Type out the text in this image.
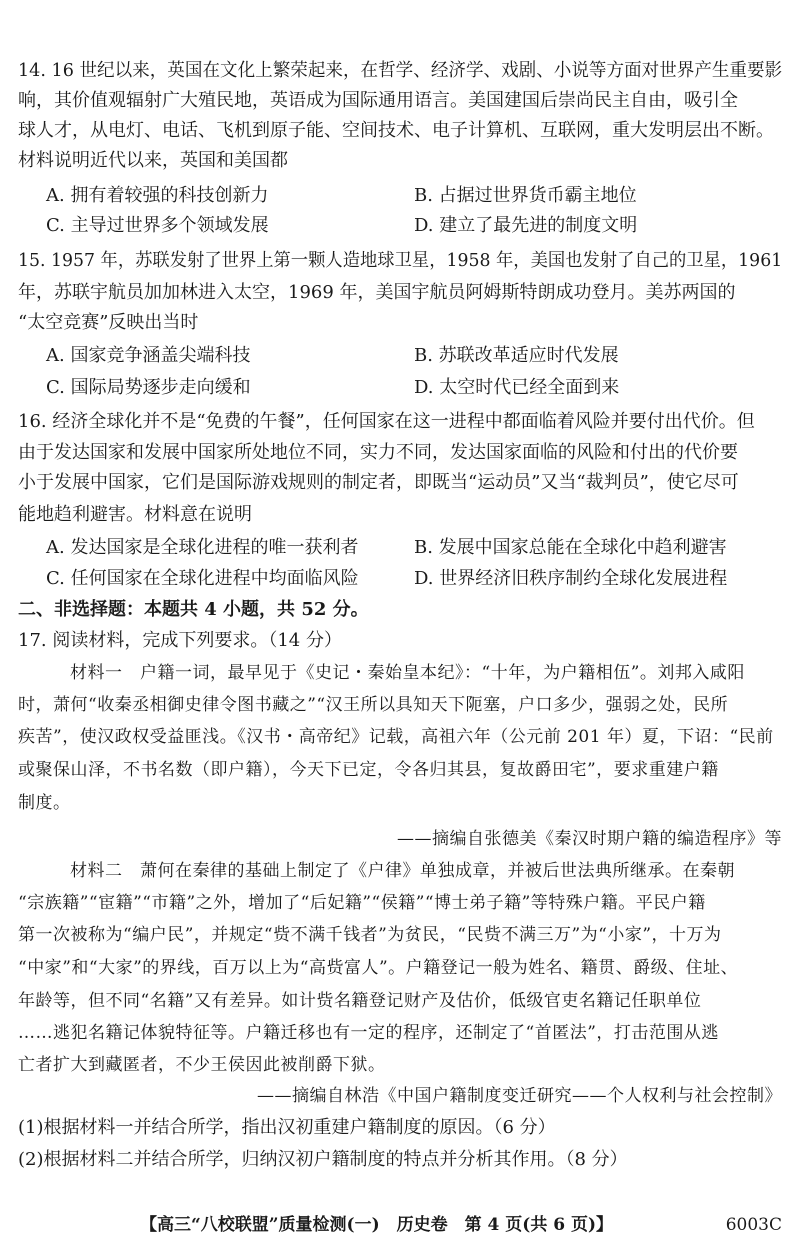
14. 16 世纪以来，英国在文化上繁荣起来，在哲学、经济学、戏剧、小说等方面对世界产生重要影
响，其价值观辐射广大殖民地，英语成为国际通用语言。美国建国后崇尚民主自由，吸引全
球人才，从电灯、电话、飞机到原子能、空间技术、电子计算机、互联网，重大发明层出不断。
材料说明近代以来，英国和美国都
A. 拥有着较强的科技创新力	B. 占据过世界货币霸主地位
C. 主导过世界多个领域发展	D. 建立了最先进的制度文明
15. 1957 年，苏联发射了世界上第一颗人造地球卫星，1958 年，美国也发射了自己的卫星，1961
年，苏联宇航员加加林进入太空，1969 年，美国宇航员阿姆斯特朗成功登月。美苏两国的
“太空竞赛”反映出当时
A. 国家竞争涵盖尖端科技	B. 苏联改革适应时代发展
C. 国际局势逐步走向缓和	D. 太空时代已经全面到来
16. 经济全球化并不是“免费的午餐”，任何国家在这一进程中都面临着风险并要付出代价。但
由于发达国家和发展中国家所处地位不同，实力不同，发达国家面临的风险和付出的代价要
小于发展中国家，它们是国际游戏规则的制定者，即既当“运动员”又当“裁判员”，使它尽可
能地趋利避害。材料意在说明
A. 发达国家是全球化进程的唯一获利者	B. 发展中国家总能在全球化中趋利避害
C. 任何国家在全球化进程中均面临风险	D. 世界经济旧秩序制约全球化发展进程
二、非选择题：本题共 4 小题，共 52 分。
17. 阅读材料，完成下列要求。（14 分）
材料一　户籍一词，最早见于《史记・秦始皇本纪》：“十年，为户籍相伍”。刘邦入咸阳
时，萧何“收秦丞相御史律令图书藏之”“汉王所以具知天下阨塞，户口多少，强弱之处，民所
疾苦”，使汉政权受益匪浅。《汉书・高帝纪》记载，高祖六年（公元前 201 年）夏，下诏：“民前
或聚保山泽，不书名数（即户籍），今天下已定，令各归其县，复故爵田宅”，要求重建户籍
制度。
——摘编自张德美《秦汉时期户籍的编造程序》等
材料二　萧何在秦律的基础上制定了《户律》单独成章，并被后世法典所继承。在秦朝
“宗族籍”“宦籍”“市籍”之外，增加了“后妃籍”“侯籍”“博士弟子籍”等特殊户籍。平民户籍
第一次被称为“编户民”，并规定“赀不满千钱者”为贫民，“民赀不满三万”为“小家”，十万为
“中家”和“大家”的界线，百万以上为“高赀富人”。户籍登记一般为姓名、籍贯、爵级、住址、
年龄等，但不同“名籍”又有差异。如计赀名籍登记财产及估价，低级官吏名籍记任职单位
……逃犯名籍记体貌特征等。户籍迁移也有一定的程序，还制定了“首匿法”，打击范围从逃
亡者扩大到藏匿者，不少王侯因此被削爵下狱。
——摘编自林浩《中国户籍制度变迁研究——个人权利与社会控制》
(1)根据材料一并结合所学，指出汉初重建户籍制度的原因。（6 分）
(2)根据材料二并结合所学，归纳汉初户籍制度的特点并分析其作用。（8 分）
【高三“八校联盟”质量检测(一)　历史卷　第 4 页(共 6 页)】	6003C
